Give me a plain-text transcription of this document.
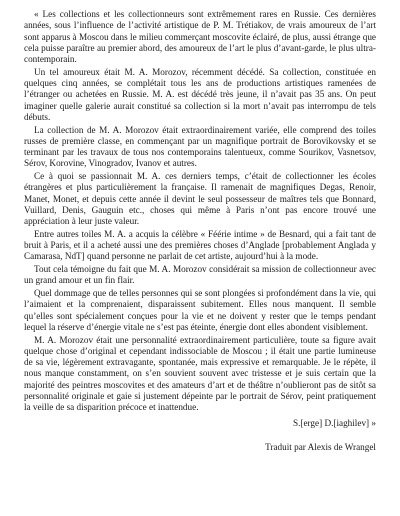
« Les collections et les collectionneurs sont extrêmement rares en Russie. Ces dernières années, sous l’influence de l’activité artistique de P. M. Trétiakov, de vrais amoureux de l’art sont apparus à Moscou dans le milieu commerçant moscovite éclairé, de plus, aussi étrange que cela puisse paraître au premier abord, des amoureux de l’art le plus d’avant-garde, le plus ultra-contemporain.

Un tel amoureux était M. A. Morozov, récemment décédé. Sa collection, constituée en quelques cinq années, se complétait tous les ans de productions artistiques ramenées de l’étranger ou achetées en Russie. M. A. est décédé très jeune, il n’avait pas 35 ans. On peut imaginer quelle galerie aurait constitué sa collection si la mort n’avait pas interrompu de tels débuts.

La collection de M. A. Morozov était extraordinairement variée, elle comprend des toiles russes de première classe, en commençant par un magnifique portrait de Borovikovsky et se terminant par les travaux de tous nos contemporains talentueux, comme Sourikov, Vasnetsov, Sérov, Korovine, Vinogradov, Ivanov et autres.

Ce à quoi se passionnait M. A. ces derniers temps, c’était de collectionner les écoles étrangères et plus particulièrement la française. Il ramenait de magnifiques Degas, Renoir, Manet, Monet, et depuis cette année il devint le seul possesseur de maîtres tels que Bonnard, Vuillard, Denis, Gauguin etc., choses qui même à Paris n’ont pas encore trouvé une appréciation à leur juste valeur.

Entre autres toiles M. A. a acquis la célèbre « Féérie intime » de Besnard, qui a fait tant de bruit à Paris, et il a acheté aussi une des premières choses d’Anglade [probablement Anglada y Camarasa, NdT] quand personne ne parlait de cet artiste, aujourd’hui à la mode.

Tout cela témoigne du fait que M. A. Morozov considérait sa mission de collectionneur avec un grand amour et un fin flair.

Quel dommage que de telles personnes qui se sont plongées si profondément dans la vie, qui l’aimaient et la comprenaient, disparaissent subitement. Elles nous manquent. Il semble qu’elles sont spécialement conçues pour la vie et ne doivent y rester que le temps pendant lequel la réserve d’énergie vitale ne s’est pas éteinte, énergie dont elles abondent visiblement.

M. A. Morozov était une personnalité extraordinairement particulière, toute sa figure avait quelque chose d’original et cependant indissociable de Moscou ; il était une partie lumineuse de sa vie, légèrement extravagante, spontanée, mais expressive et remarquable. Je le répète, il nous manque constamment, on s’en souvient souvent avec tristesse et je suis certain que la majorité des peintres moscovites et des amateurs d’art et de théâtre n’oublieront pas de sitôt sa personnalité originale et gaie si justement dépeinte par le portrait de Sérov, peint pratiquement la veille de sa disparition précoce et inattendue.

S.[erge] D.[iaghilev] »

Traduit par Alexis de Wrangel
